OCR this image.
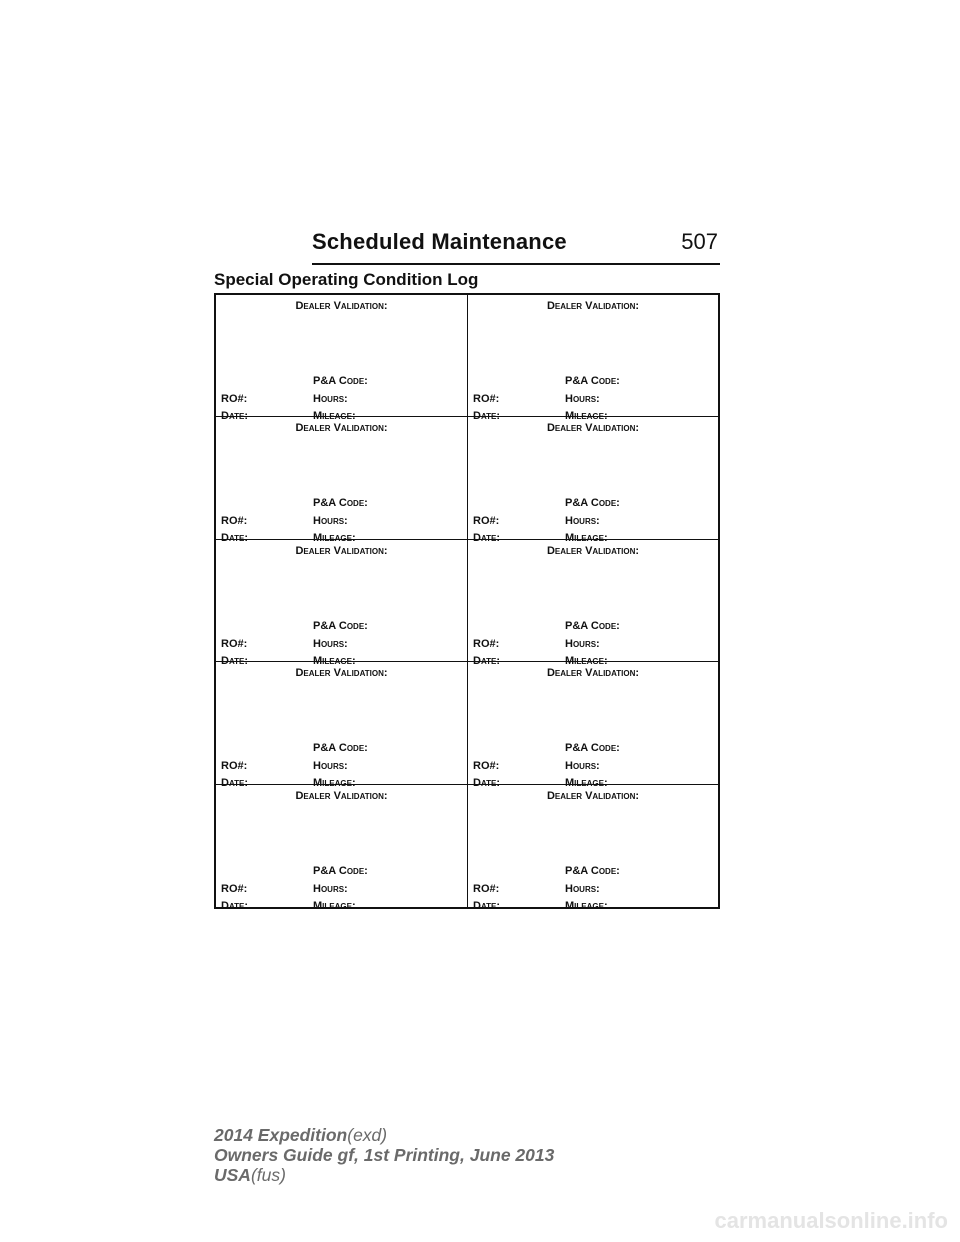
Scheduled Maintenance	507
Special Operating Condition Log
Dealer Validation:
P&A Code:
RO#:	Hours:
Date:	Mileage:
Dealer Validation:
P&A Code:
RO#:	Hours:
Date:	Mileage:
Dealer Validation:
P&A Code:
RO#:	Hours:
Date:	Mileage:
Dealer Validation:
P&A Code:
RO#:	Hours:
Date:	Mileage:
Dealer Validation:
P&A Code:
RO#:	Hours:
Date:	Mileage:
Dealer Validation:
P&A Code:
RO#:	Hours:
Date:	Mileage:
Dealer Validation:
P&A Code:
RO#:	Hours:
Date:	Mileage:
Dealer Validation:
P&A Code:
RO#:	Hours:
Date:	Mileage:
Dealer Validation:
P&A Code:
RO#:	Hours:
Date:	Mileage:
Dealer Validation:
P&A Code:
RO#:	Hours:
Date:	Mileage:
2014 Expedition(exd)
Owners Guide gf, 1st Printing, June 2013
USA(fus)
carmanualsonline.info
